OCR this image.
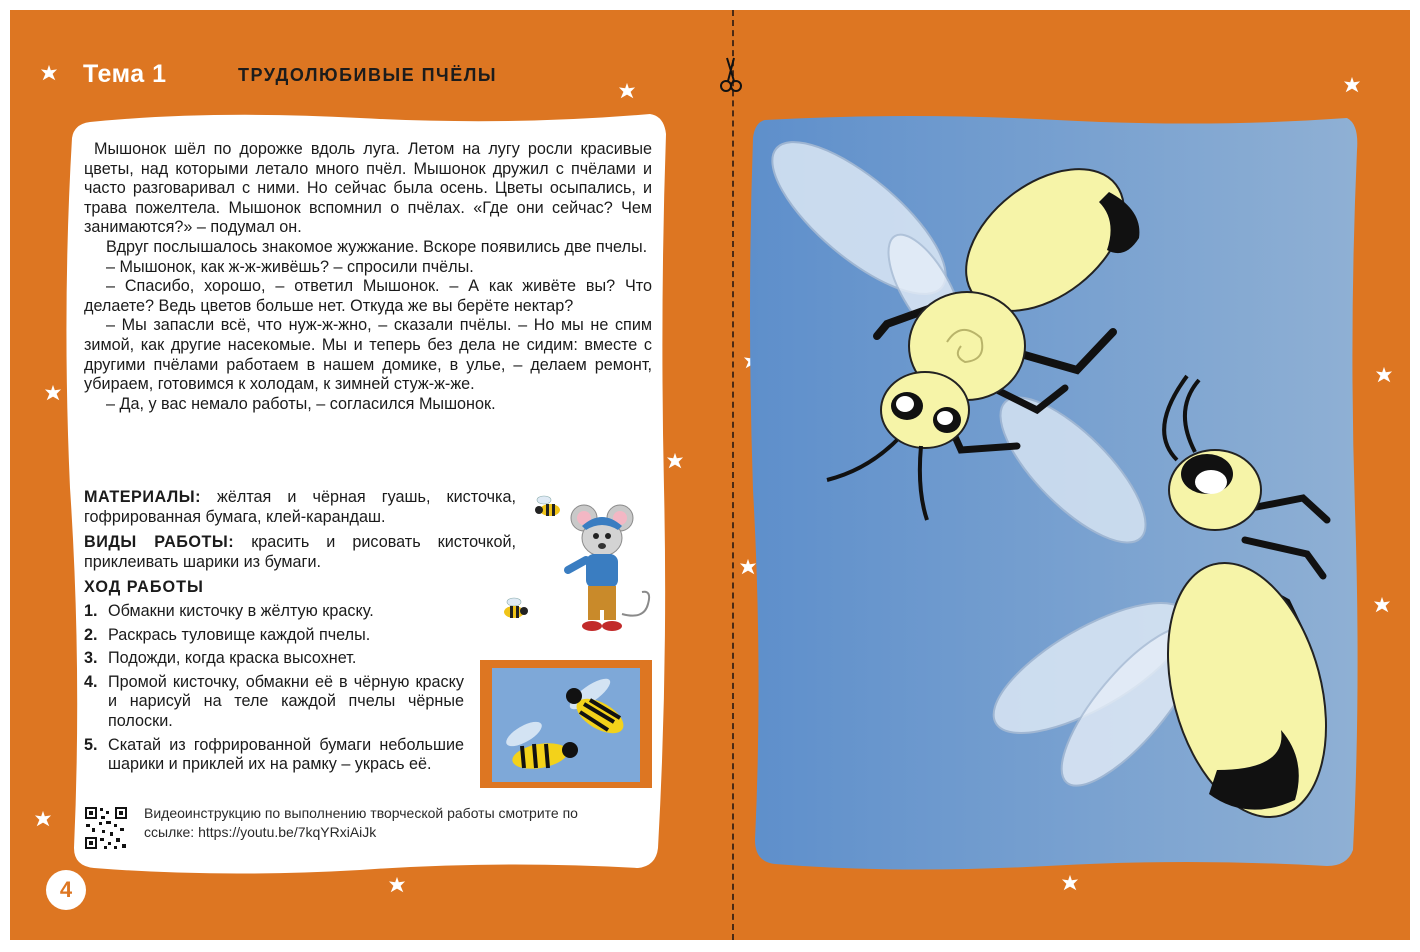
Тема 1	ТРУДОЛЮБИВЫЕ ПЧЁЛЫ

Мышонок шёл по дорожке вдоль луга. Летом на лугу росли красивые цветы, над которыми летало много пчёл. Мышонок дружил с пчёлами и часто разговаривал с ними. Но сейчас была осень. Цветы осыпались, и трава пожелтела. Мышонок вспомнил о пчёлах. «Где они сейчас? Чем занимаются?» – подумал он.

Вдруг послышалось знакомое жужжание. Вскоре появились две пчелы.

– Мышонок, как ж-ж-живёшь? – спросили пчёлы.

– Спасибо, хорошо, – ответил Мышонок. – А как живёте вы? Что делаете? Ведь цветов больше нет. Откуда же вы берёте нектар?

– Мы запасли всё, что нуж-ж-жно, – сказали пчёлы. – Но мы не спим зимой, как другие насекомые. Мы и теперь без дела не сидим: вместе с другими пчёлами работаем в нашем домике, в улье, – делаем ремонт, убираем, готовимся к холодам, к зимней стуж-ж-же.

– Да, у вас немало работы, – согласился Мышонок.

МАТЕРИАЛЫ: жёлтая и чёрная гуашь, кисточка, гофрированная бумага, клей-карандаш.

ВИДЫ РАБОТЫ: красить и рисовать кисточкой, приклеивать шарики из бумаги.

ХОД РАБОТЫ
1. Обмакни кисточку в жёлтую краску.
2. Раскрась туловище каждой пчелы.
3. Подожди, когда краска высохнет.
4. Промой кисточку, обмакни её в чёрную краску и нарисуй на теле каждой пчелы чёрные полоски.
5. Скатай из гофрированной бумаги небольшие шарики и приклей их на рамку – укрась её.
Видеоинструкцию по выполнению творческой работы смотрите по ссылке: https://youtu.be/7kqYRxiAiJk
4
